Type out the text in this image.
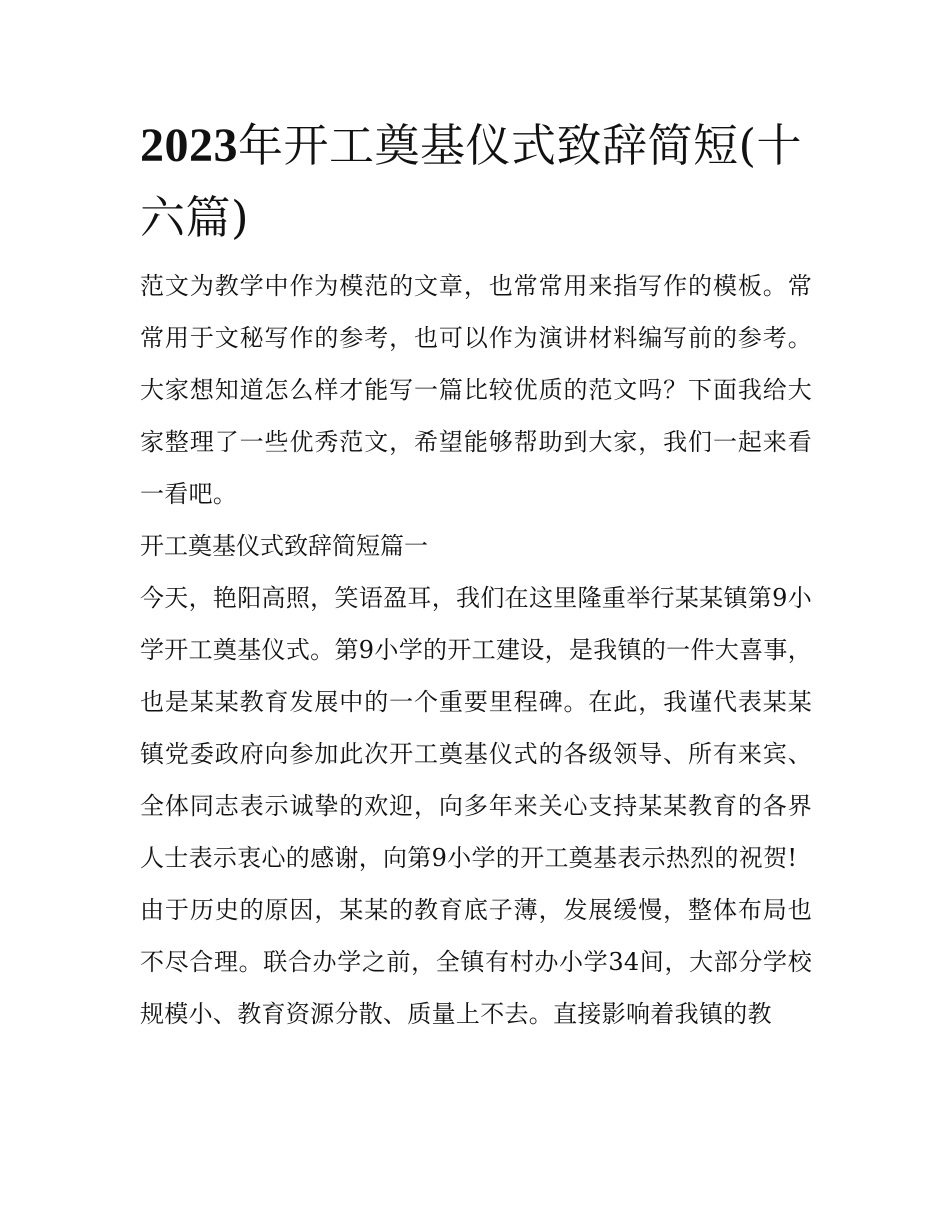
2023年开工奠基仪式致辞简短(十六篇)

范文为教学中作为模范的文章，也常常用来指写作的模板。常常用于文秘写作的参考，也可以作为演讲材料编写前的参考。大家想知道怎么样才能写一篇比较优质的范文吗？下面我给大家整理了一些优秀范文，希望能够帮助到大家，我们一起来看一看吧。

开工奠基仪式致辞简短篇一

今天，艳阳高照，笑语盈耳，我们在这里隆重举行某某镇第9小学开工奠基仪式。第9小学的开工建设，是我镇的一件大喜事，也是某某教育发展中的一个重要里程碑。在此，我谨代表某某镇党委政府向参加此次开工奠基仪式的各级领导、所有来宾、全体同志表示诚挚的欢迎，向多年来关心支持某某教育的各界人士表示衷心的感谢，向第9小学的开工奠基表示热烈的祝贺!

由于历史的原因，某某的教育底子薄，发展缓慢，整体布局也不尽合理。联合办学之前，全镇有村办小学34间，大部分学校规模小、教育资源分散、质量上不去。直接影响着我镇的教
